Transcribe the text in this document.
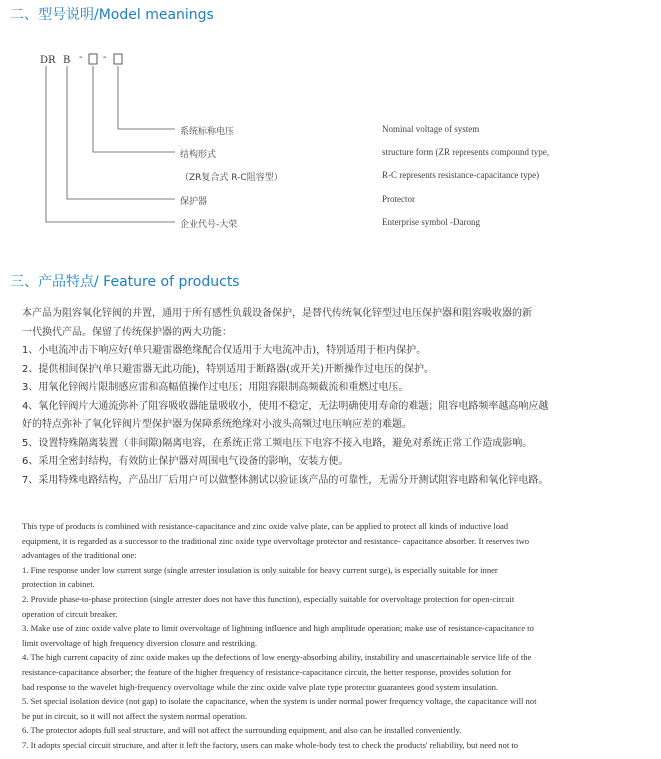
二、型号说明/Model meanings
DR B - -
系统标称电压	Nominal voltage of system
结构形式	structure form (ZR represents compound type,
（ZR复合式 R-C阻容型）	R-C represents resistance-capacitance type)
保护器	Protector
企业代号-大荣	Enterprise symbol -Darong
三、产品特点/ Feature of products
本产品为阻容氧化锌阀的并置，通用于所有感性负载设备保护，是替代传统氧化锌型过电压保护器和阻容吸收器的新
一代换代产品。保留了传统保护器的两大功能：
1、小电流冲击下响应好(单只避雷器绝缘配合仅适用于大电流冲击)，特别适用于柜内保护。
2、提供相间保护(单只避雷器无此功能)，特别适用于断路器(或开关)开断操作过电压的保护。
3、用氧化锌阀片限制感应雷和高幅值操作过电压；用阻容限制高频截流和重燃过电压。
4、氧化锌阀片大通流弥补了阻容吸收器能量吸收小，使用不稳定，无法明确使用寿命的难题；阻容电路频率越高响应越
好的特点弥补了氧化锌阀片型保护器为保障系统绝缘对小波头高频过电压响应差的难题。
5、设置特殊隔离装置（非间隙)隔离电容，在系统正常工频电压下电容不接入电路，避免对系统正常工作造成影响。
6、采用全密封结构，有效防止保护器对周围电气设备的影响，安装方便。
7、采用特殊电路结构，产品出厂后用户可以做整体测试以验证该产品的可靠性，无需分开测试阻容电路和氧化锌电路。
This type of products is combined with resistance-capacitance and zinc oxide valve plate, can be applied to protect all kinds of inductive load
equipment, it is regarded as a successor to the traditional zinc oxide type overvoltage protector and resistance- capacitance absorber. It reserves two
advantages of the traditional one:
1. Fine response under low current surge (single arrester insulation is only suitable for heavy current surge), is especially suitable for inner
protection in cabinet.
2. Provide phase-to-phase protection (single arrester does not have this function), especially suitable for overvoltage protection for open-circuit
operation of circuit breaker.
3. Make use of zinc oxide valve plate to limit overvoltage of lightning influence and high amplitude operation; make use of resistance-capacitance to
limit overvoltage of high frequency diversion closure and restriking.
4. The high current capacity of zinc oxide makes up the defections of low energy-absorbing ability, instability and unascertainable service life of the
resistance-capacitance absorber; the feature of the higher frequency of resistance-capacitance circuit, the better response, provides solution for
bad response to the wavelet high-frequency overvoltage while the zinc oxide valve plate type protector guarantees good system insulation.
5. Set special isolation device (not gap) to isolate the capacitance, when the system is under normal power frequency voltage, the capacitance will not
be put in circuit, so it will not affect the system normal operation.
6. The protector adopts full seal structure, and will not affect the surrounding equipment, and also can be installed conveniently.
7. It adopts special circuit structure, and after it left the factory, users can make whole-body test to check the products' reliability, but need not to
